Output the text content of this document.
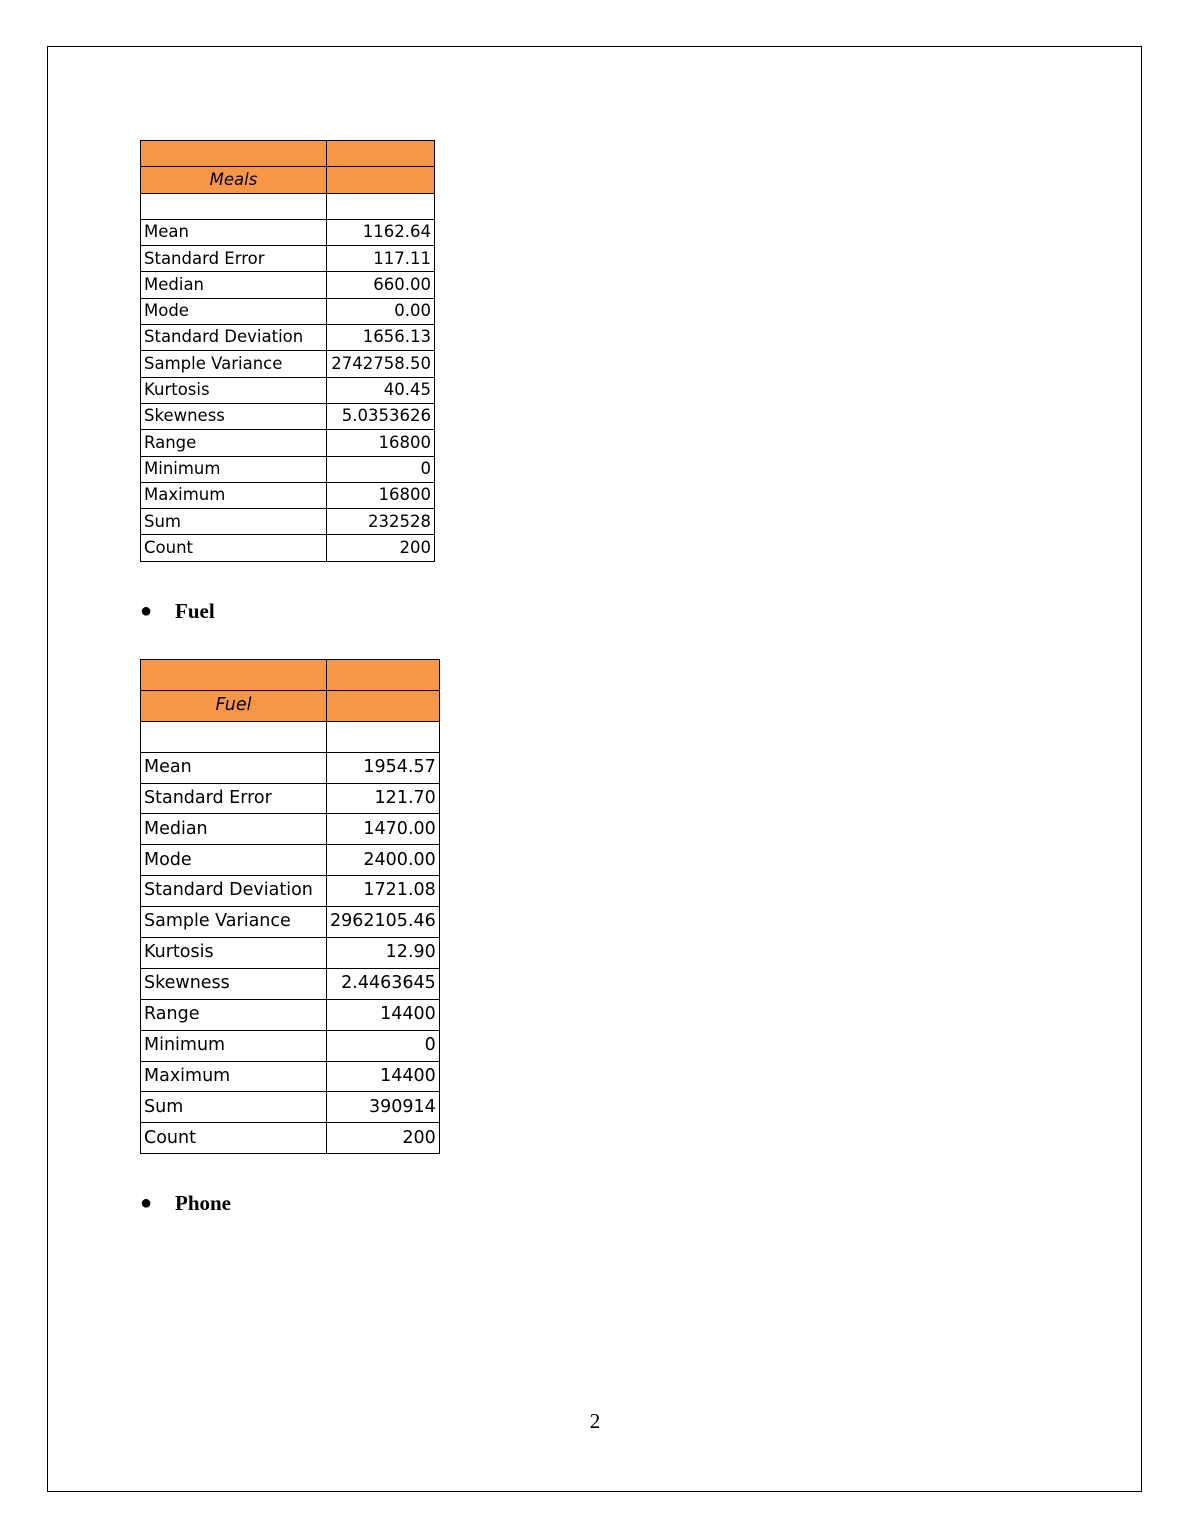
Meals	

Mean	1162.64
Standard Error	117.11
Median	660.00
Mode	0.00
Standard Deviation	1656.13
Sample Variance	2742758.50
Kurtosis	40.45
Skewness	5.0353626
Range	16800
Minimum	0
Maximum	16800
Sum	232528
Count	200
●	Fuel

Fuel	

Mean	1954.57
Standard Error	121.70
Median	1470.00
Mode	2400.00
Standard Deviation	1721.08
Sample Variance	2962105.46
Kurtosis	12.90
Skewness	2.4463645
Range	14400
Minimum	0
Maximum	14400
Sum	390914
Count	200
●	Phone
2
